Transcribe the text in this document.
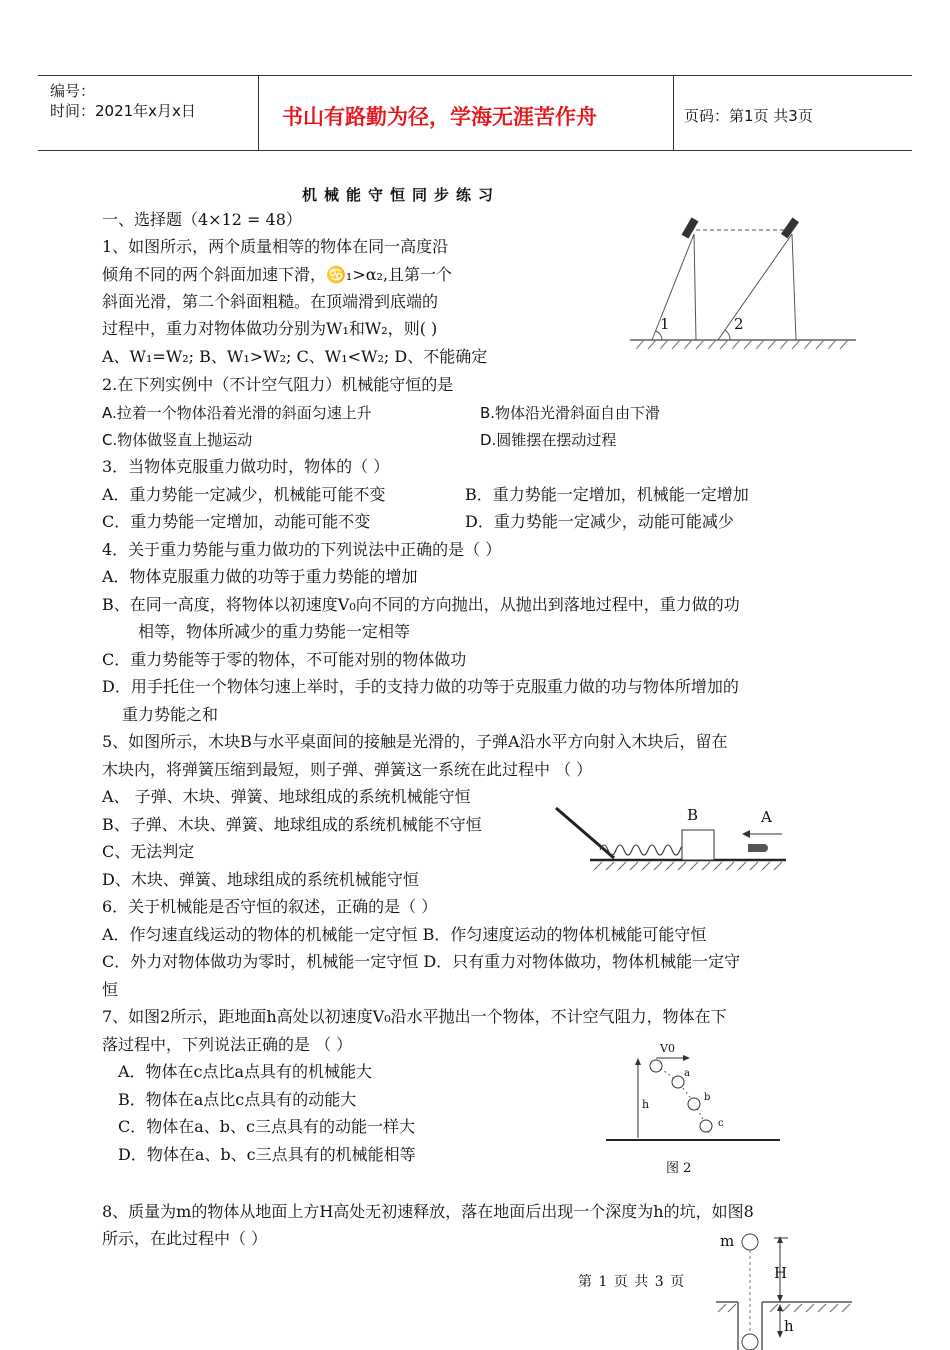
编号：
时间：2021年x月x日	书山有路勤为径，学海无涯苦作舟	页码：第1页 共3页
机械能守恒同步练习
一、选择题（4×12 = 48）
1、如图所示，两个质量相等的物体在同一高度沿
倾角不同的两个斜面加速下滑，♋₁>α₂,且第一个
斜面光滑，第二个斜面粗糙。在顶端滑到底端的
过程中，重力对物体做功分别为W₁和W₂，则( )
A、W₁=W₂; B、W₁>W₂; C、W₁<W₂; D、不能确定
1	2
2.在下列实例中（不计空气阻力）机械能守恒的是
A.拉着一个物体沿着光滑的斜面匀速上升	B.物体沿光滑斜面自由下滑
C.物体做竖直上抛运动	D.圆锥摆在摆动过程
3．当物体克服重力做功时，物体的（ ）
A．重力势能一定减少，机械能可能不变	B．重力势能一定增加，机械能一定增加
C．重力势能一定增加，动能可能不变	D．重力势能一定减少，动能可能减少
4．关于重力势能与重力做功的下列说法中正确的是（ ）
A．物体克服重力做的功等于重力势能的增加
B、在同一高度，将物体以初速度V₀向不同的方向抛出，从抛出到落地过程中，重力做的功
相等，物体所减少的重力势能一定相等
C．重力势能等于零的物体，不可能对别的物体做功
D．用手托住一个物体匀速上举时，手的支持力做的功等于克服重力做的功与物体所增加的
重力势能之和
5、如图所示，木块B与水平桌面间的接触是光滑的，子弹A沿水平方向射入木块后，留在
木块内，将弹簧压缩到最短，则子弹、弹簧这一系统在此过程中 （ ）
A、 子弹、木块、弹簧、地球组成的系统机械能守恒
B、子弹、木块、弹簧、地球组成的系统机械能不守恒
C、无法判定
D、木块、弹簧、地球组成的系统机械能守恒
B	A
6．关于机械能是否守恒的叙述，正确的是（ ）
A．作匀速直线运动的物体的机械能一定守恒 B．作匀速度运动的物体机械能可能守恒
C．外力对物体做功为零时，机械能一定守恒 D．只有重力对物体做功，物体机械能一定守
恒
7、如图2所示，距地面h高处以初速度V₀沿水平抛出一个物体，不计空气阻力，物体在下
落过程中，下列说法正确的是 （ ）
A．物体在c点比a点具有的机械能大
B．物体在a点比c点具有的动能大
C．物体在a、b、c三点具有的动能一样大
D．物体在a、b、c三点具有的机械能相等
V0
h
a
b
c
图 2
8、质量为m的物体从地面上方H高处无初速释放，落在地面后出现一个深度为h的坑，如图8
所示，在此过程中（ ）	m
H
h
第 1 页 共 3 页
